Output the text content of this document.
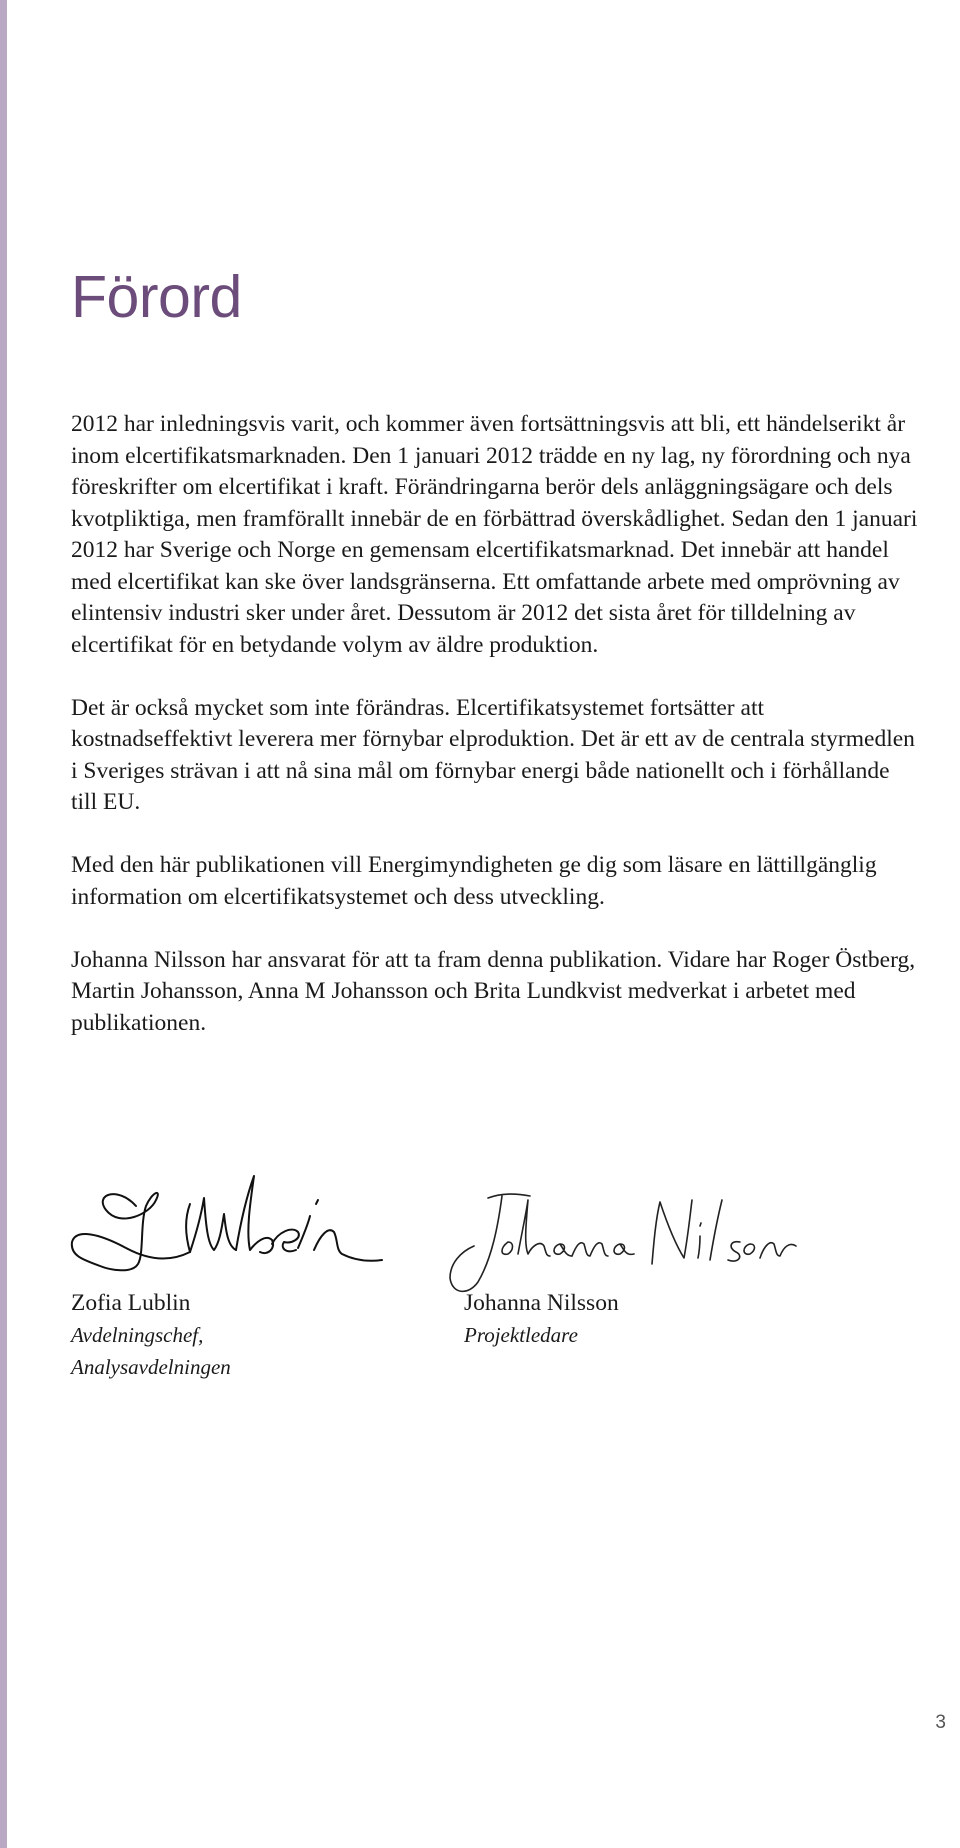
Förord

2012 har inledningsvis varit, och kommer även fortsättningsvis att bli, ett händelserikt år inom elcertifikatsmarknaden. Den 1 januari 2012 trädde en ny lag, ny förordning och nya föreskrifter om elcertifikat i kraft. Förändringarna berör dels anläggningsägare och dels kvotpliktiga, men framförallt innebär de en förbättrad överskådlighet. Sedan den 1 januari 2012 har Sverige och Norge en gemensam elcertifikatsmarknad. Det innebär att handel med elcertifikat kan ske över landsgränserna. Ett omfattande arbete med omprövning av elintensiv industri sker under året. Dessutom är 2012 det sista året för tilldelning av elcertifikat för en betydande volym av äldre produktion.

Det är också mycket som inte förändras. Elcertifikatsystemet fortsätter att kostnadseffektivt leverera mer förnybar elproduktion. Det är ett av de centrala styrmedlen i Sveriges strävan i att nå sina mål om förnybar energi både nationellt och i förhållande till EU.

Med den här publikationen vill Energimyndigheten ge dig som läsare en lättillgänglig information om elcertifikatsystemet och dess utveckling.

Johanna Nilsson har ansvarat för att ta fram denna publikation. Vidare har Roger Östberg, Martin Johansson, Anna M Johansson och Brita Lundkvist medverkat i arbetet med publikationen.

Zofia Lublin
Avdelningschef,
Analysavdelningen
Johanna Nilsson
Projektledare
3
